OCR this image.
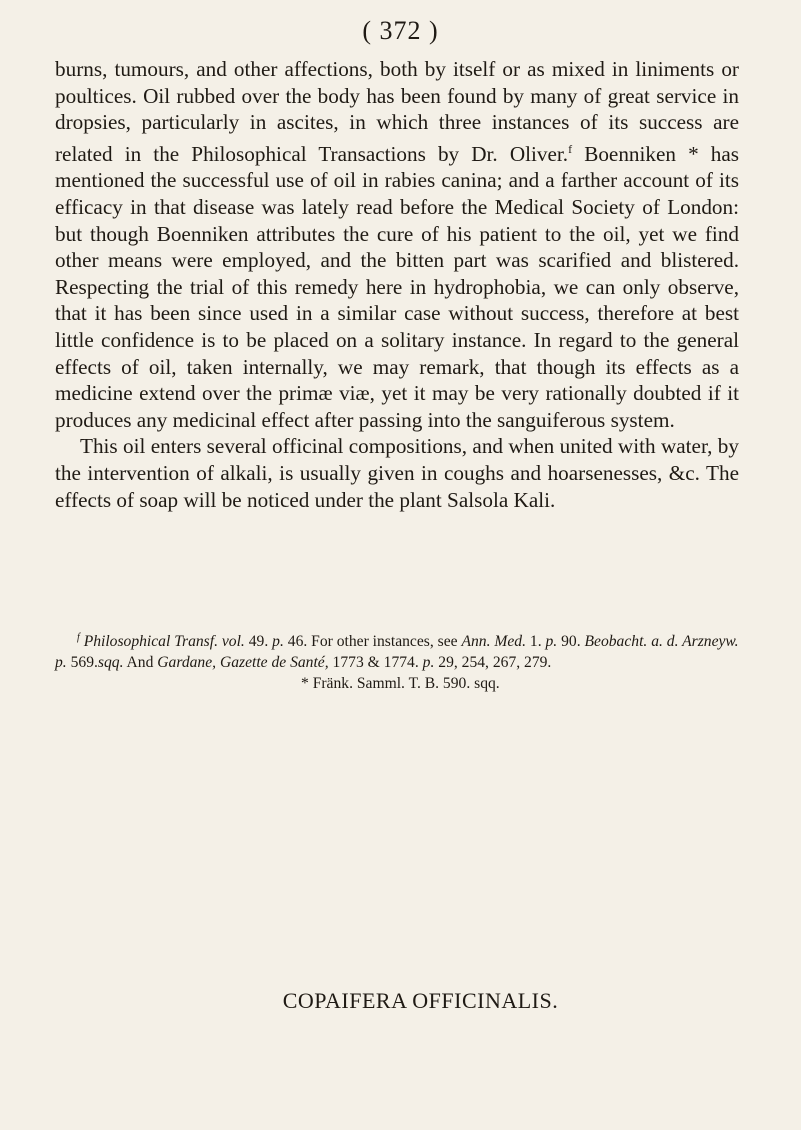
( 372 )

burns, tumours, and other affections, both by itself or as mixed in liniments or poultices. Oil rubbed over the body has been found by many of great service in dropsies, particularly in ascites, in which three instances of its success are related in the Philosophical Transactions by Dr. Oliver.$^f$ Boenniken * has mentioned the successful use of oil in rabies canina; and a farther account of its efficacy in that disease was lately read before the Medical Society of London: but though Boenniken attributes the cure of his patient to the oil, yet we find other means were employed, and the bitten part was scarified and blistered. Respecting the trial of this remedy here in hydrophobia, we can only observe, that it has been since used in a similar case without success, therefore at best little confidence is to be placed on a solitary instance. In regard to the general effects of oil, taken internally, we may remark, that though its effects as a medicine extend over the primæ viæ, yet it may be very rationally doubted if it produces any medicinal effect after passing into the sanguiferous system.

This oil enters several officinal compositions, and when united with water, by the intervention of alkali, is usually given in coughs and hoarsenesses, &c. The effects of soap will be noticed under the plant Salsola Kali.

$^f$ Philosophical Transf. vol. 49. p. 46. For other instances, see Ann. Med. 1. p. 90. Beobacht. a. d. Arzneyw. p. 569.sqq. And Gardane, Gazette de Santé, 1773 & 1774. p. 29, 254, 267, 279.

* Fränk. Samml. T. B. 590. sqq.

COPAIFERA OFFICINALIS.
